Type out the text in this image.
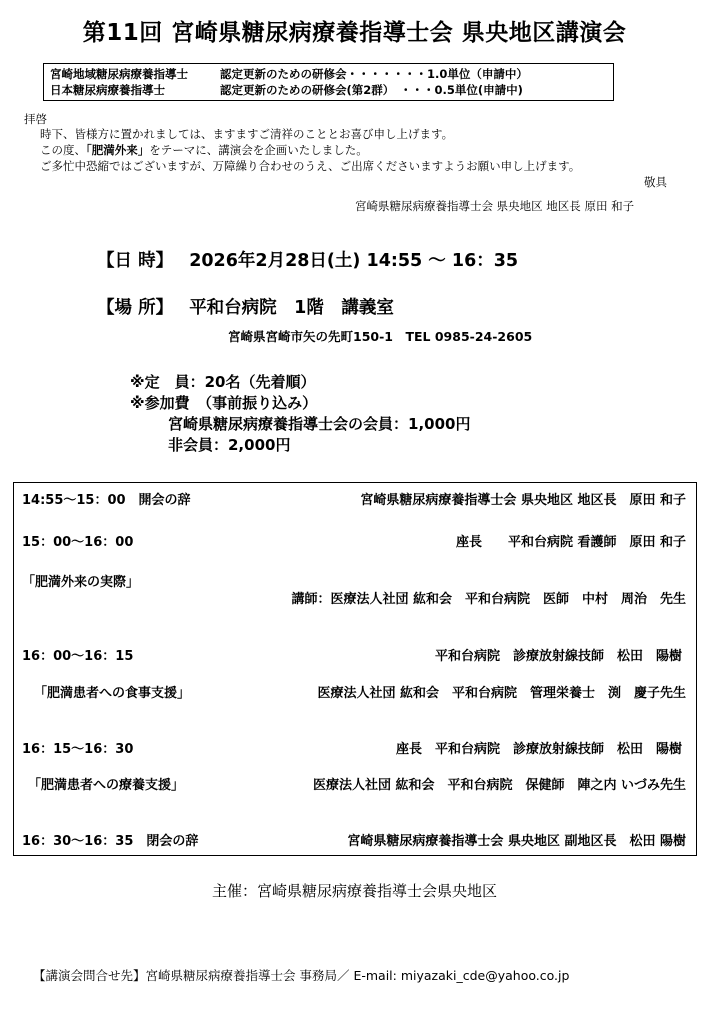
第11回 宮崎県糖尿病療養指導士会 県央地区講演会
宮崎地域糖尿病療養指導士	認定更新のための研修会・・・・・・・1.0単位（申請中）
日本糖尿病療養指導士	認定更新のための研修会(第2群）　・・・0.5単位(申請中)
拝啓
時下、皆様方に置かれましては、ますますご清祥のこととお喜び申し上げます。
この度、「肥満外来」をテーマに、講演会を企画いたしました。
ご多忙中恐縮ではございますが、万障繰り合わせのうえ、ご出席くださいますようお願い申し上げます。
敬具
宮崎県糖尿病療養指導士会 県央地区 地区長 原田 和子
【日 時】 2026年2月28日(土) 14:55 ～ 16：35
【場 所】 平和台病院　1階　講義室
宮崎県宮崎市矢の先町150-1　TEL 0985-24-2605
※定　員：20名（先着順）
※参加費　（事前振り込み）
宮崎県糖尿病療養指導士会の会員：1,000円
非会員：2,000円
14:55～15：00　開会の辞	宮崎県糖尿病療養指導士会 県央地区 地区長　原田 和子
15：00～16：00	座長　　平和台病院 看護師　原田 和子
「肥満外来の実際」
講師：医療法人社団 紘和会　平和台病院　医師　中村　周治　先生
16：00～16：15	平和台病院　診療放射線技師　松田　陽樹
「肥満患者への食事支援」	医療法人社団 紘和会　平和台病院　管理栄養士　渕　慶子先生
16：15～16：30	座長　平和台病院　診療放射線技師　松田　陽樹
「肥満患者への療養支援」	医療法人社団 紘和会　平和台病院　保健師　陣之内 いづみ先生
16：30～16：35　閉会の辞	宮崎県糖尿病療養指導士会 県央地区 副地区長　松田 陽樹
主催：宮崎県糖尿病療養指導士会県央地区
【講演会問合せ先】宮崎県糖尿病療養指導士会 事務局／ E-mail: miyazaki_cde@yahoo.co.jp
